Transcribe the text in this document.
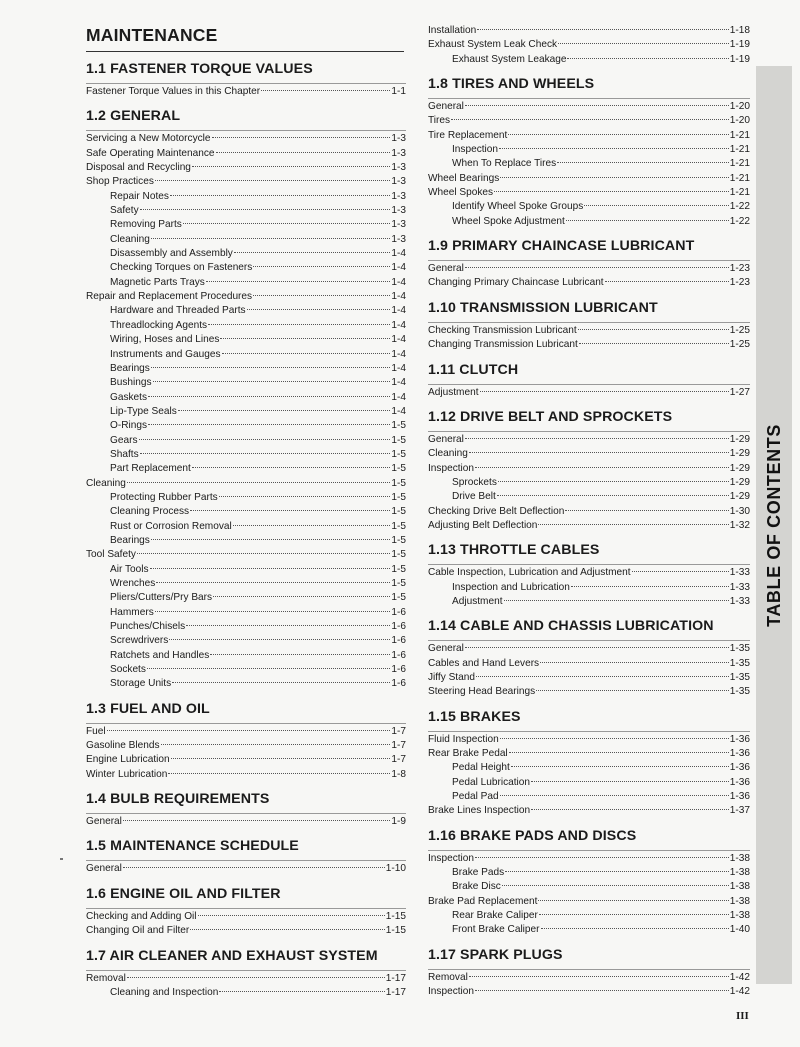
MAINTENANCE
1.1 FASTENER TORQUE VALUES
Fastener Torque Values in this Chapter	1-1
1.2 GENERAL
Servicing a New Motorcycle	1-3
Safe Operating Maintenance	1-3
Disposal and Recycling	1-3
Shop Practices	1-3
Repair Notes	1-3
Safety	1-3
Removing Parts	1-3
Cleaning	1-3
Disassembly and Assembly	1-4
Checking Torques on Fasteners	1-4
Magnetic Parts Trays	1-4
Repair and Replacement Procedures	1-4
Hardware and Threaded Parts	1-4
Threadlocking Agents	1-4
Wiring, Hoses and Lines	1-4
Instruments and Gauges	1-4
Bearings	1-4
Bushings	1-4
Gaskets	1-4
Lip-Type Seals	1-4
O-Rings	1-5
Gears	1-5
Shafts	1-5
Part Replacement	1-5
Cleaning	1-5
Protecting Rubber Parts	1-5
Cleaning Process	1-5
Rust or Corrosion Removal	1-5
Bearings	1-5
Tool Safety	1-5
Air Tools	1-5
Wrenches	1-5
Pliers/Cutters/Pry Bars	1-5
Hammers	1-6
Punches/Chisels	1-6
Screwdrivers	1-6
Ratchets and Handles	1-6
Sockets	1-6
Storage Units	1-6
1.3 FUEL AND OIL
Fuel	1-7
Gasoline Blends	1-7
Engine Lubrication	1-7
Winter Lubrication	1-8
1.4 BULB REQUIREMENTS
General	1-9
1.5 MAINTENANCE SCHEDULE
General	1-10
1.6 ENGINE OIL AND FILTER
Checking and Adding Oil	1-15
Changing Oil and Filter	1-15
1.7 AIR CLEANER AND EXHAUST SYSTEM
Removal	1-17
Cleaning and Inspection	1-17
Installation	1-18
Exhaust System Leak Check	1-19
Exhaust System Leakage	1-19
1.8 TIRES AND WHEELS
General	1-20
Tires	1-20
Tire Replacement	1-21
Inspection	1-21
When To Replace Tires	1-21
Wheel Bearings	1-21
Wheel Spokes	1-21
Identify Wheel Spoke Groups	1-22
Wheel Spoke Adjustment	1-22
1.9 PRIMARY CHAINCASE LUBRICANT
General	1-23
Changing Primary Chaincase Lubricant	1-23
1.10 TRANSMISSION LUBRICANT
Checking Transmission Lubricant	1-25
Changing Transmission Lubricant	1-25
1.11 CLUTCH
Adjustment	1-27
1.12 DRIVE BELT AND SPROCKETS
General	1-29
Cleaning	1-29
Inspection	1-29
Sprockets	1-29
Drive Belt	1-29
Checking Drive Belt Deflection	1-30
Adjusting Belt Deflection	1-32
1.13 THROTTLE CABLES
Cable Inspection, Lubrication and Adjustment	1-33
Inspection and Lubrication	1-33
Adjustment	1-33
1.14 CABLE AND CHASSIS LUBRICATION
General	1-35
Cables and Hand Levers	1-35
Jiffy Stand	1-35
Steering Head Bearings	1-35
1.15 BRAKES
Fluid Inspection	1-36
Rear Brake Pedal	1-36
Pedal Height	1-36
Pedal Lubrication	1-36
Pedal Pad	1-36
Brake Lines Inspection	1-37
1.16 BRAKE PADS AND DISCS
Inspection	1-38
Brake Pads	1-38
Brake Disc	1-38
Brake Pad Replacement	1-38
Rear Brake Caliper	1-38
Front Brake Caliper	1-40
1.17 SPARK PLUGS
Removal	1-42
Inspection	1-42
TABLE OF CONTENTS
III
